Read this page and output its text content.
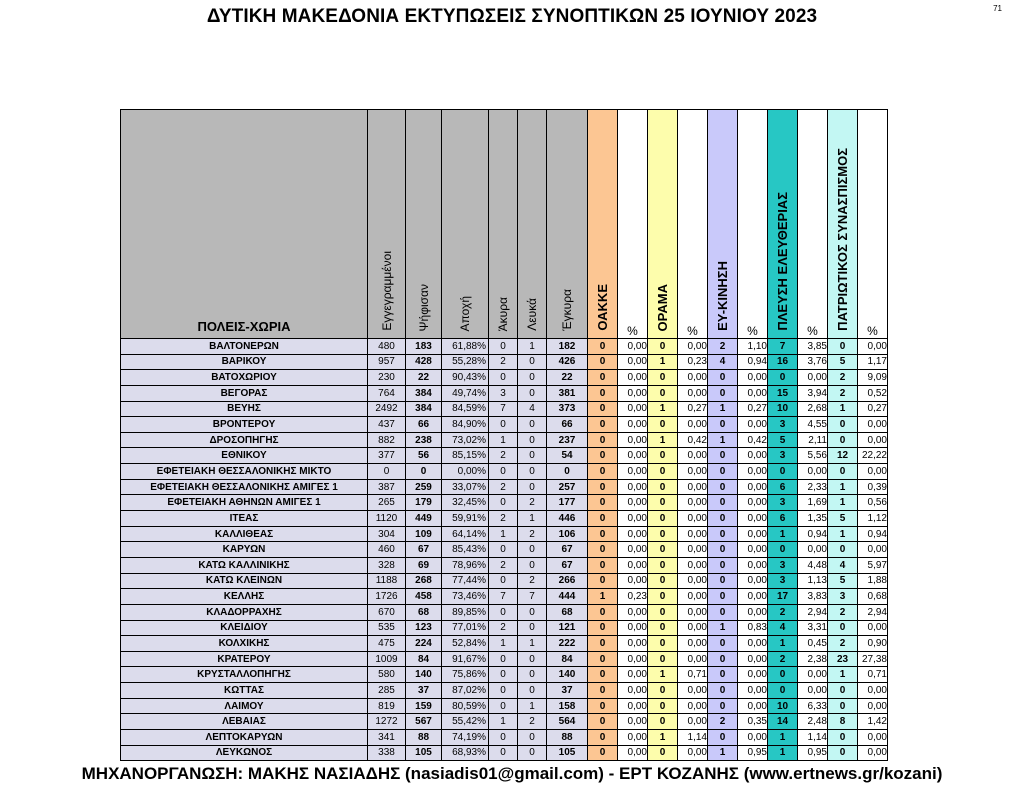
ΔΥΤΙΚΗ ΜΑΚΕΔΟΝΙΑ ΕΚΤΥΠΩΣΕΙΣ ΣΥΝΟΠΤΙΚΩΝ 25 ΙΟΥΝΙΟΥ 2023	71
ΠΟΛΕΙΣ-ΧΩΡΙΑ	Εγγεγραμμένοι	Ψήφισαν	Αποχή	Άκυρα	Λευκά	Έγκυρα	ΟΑΚΚΕ	%	ΟΡΑΜΑ	%	ΕΥ-ΚΙΝΗΣΗ	%	ΠΛΕΥΣΗ ΕΛΕΥΘΕΡΙΑΣ	%	ΠΑΤΡΙΩΤΙΚΟΣ ΣΥΝΑΣΠΙΣΜΟΣ	%
ΒΑΛΤΟΝΕΡΩΝ	480	183	61,88%	0	1	182	0	0,00	0	0,00	2	1,10	7	3,85	0	0,00
ΒΑΡΙΚΟΥ	957	428	55,28%	2	0	426	0	0,00	1	0,23	4	0,94	16	3,76	5	1,17
ΒΑΤΟΧΩΡΙΟΥ	230	22	90,43%	0	0	22	0	0,00	0	0,00	0	0,00	0	0,00	2	9,09
ΒΕΓΟΡΑΣ	764	384	49,74%	3	0	381	0	0,00	0	0,00	0	0,00	15	3,94	2	0,52
ΒΕΥΗΣ	2492	384	84,59%	7	4	373	0	0,00	1	0,27	1	0,27	10	2,68	1	0,27
ΒΡΟΝΤΕΡΟΥ	437	66	84,90%	0	0	66	0	0,00	0	0,00	0	0,00	3	4,55	0	0,00
ΔΡΟΣΟΠΗΓΗΣ	882	238	73,02%	1	0	237	0	0,00	1	0,42	1	0,42	5	2,11	0	0,00
ΕΘΝΙΚΟΥ	377	56	85,15%	2	0	54	0	0,00	0	0,00	0	0,00	3	5,56	12	22,22
ΕΦΕΤΕΙΑΚΗ ΘΕΣΣΑΛΟΝΙΚΗΣ ΜΙΚΤΟ	0	0	0,00%	0	0	0	0	0,00	0	0,00	0	0,00	0	0,00	0	0,00
ΕΦΕΤΕΙΑΚΗ ΘΕΣΣΑΛΟΝΙΚΗΣ ΑΜΙΓΕΣ 1	387	259	33,07%	2	0	257	0	0,00	0	0,00	0	0,00	6	2,33	1	0,39
ΕΦΕΤΕΙΑΚΗ ΑΘΗΝΩΝ ΑΜΙΓΕΣ 1	265	179	32,45%	0	2	177	0	0,00	0	0,00	0	0,00	3	1,69	1	0,56
ΙΤΕΑΣ	1120	449	59,91%	2	1	446	0	0,00	0	0,00	0	0,00	6	1,35	5	1,12
ΚΑΛΛΙΘΕΑΣ	304	109	64,14%	1	2	106	0	0,00	0	0,00	0	0,00	1	0,94	1	0,94
ΚΑΡΥΩΝ	460	67	85,43%	0	0	67	0	0,00	0	0,00	0	0,00	0	0,00	0	0,00
ΚΑΤΩ ΚΑΛΛΙΝΙΚΗΣ	328	69	78,96%	2	0	67	0	0,00	0	0,00	0	0,00	3	4,48	4	5,97
ΚΑΤΩ ΚΛΕΙΝΩΝ	1188	268	77,44%	0	2	266	0	0,00	0	0,00	0	0,00	3	1,13	5	1,88
ΚΕΛΛΗΣ	1726	458	73,46%	7	7	444	1	0,23	0	0,00	0	0,00	17	3,83	3	0,68
ΚΛΑΔΟΡΡΑΧΗΣ	670	68	89,85%	0	0	68	0	0,00	0	0,00	0	0,00	2	2,94	2	2,94
ΚΛΕΙΔΙΟΥ	535	123	77,01%	2	0	121	0	0,00	0	0,00	1	0,83	4	3,31	0	0,00
ΚΟΛΧΙΚΗΣ	475	224	52,84%	1	1	222	0	0,00	0	0,00	0	0,00	1	0,45	2	0,90
ΚΡΑΤΕΡΟΥ	1009	84	91,67%	0	0	84	0	0,00	0	0,00	0	0,00	2	2,38	23	27,38
ΚΡΥΣΤΑΛΛΟΠΗΓΗΣ	580	140	75,86%	0	0	140	0	0,00	1	0,71	0	0,00	0	0,00	1	0,71
ΚΩΤΤΑΣ	285	37	87,02%	0	0	37	0	0,00	0	0,00	0	0,00	0	0,00	0	0,00
ΛΑΙΜΟΥ	819	159	80,59%	0	1	158	0	0,00	0	0,00	0	0,00	10	6,33	0	0,00
ΛΕΒΑΙΑΣ	1272	567	55,42%	1	2	564	0	0,00	0	0,00	2	0,35	14	2,48	8	1,42
ΛΕΠΤΟΚΑΡΥΩΝ	341	88	74,19%	0	0	88	0	0,00	1	1,14	0	0,00	1	1,14	0	0,00
ΛΕΥΚΩΝΟΣ	338	105	68,93%	0	0	105	0	0,00	0	0,00	1	0,95	1	0,95	0	0,00
ΜΗΧΑΝΟΡΓΑΝΩΣΗ: ΜΑΚΗΣ ΝΑΣΙΑΔΗΣ (nasiadis01@gmail.com) - ΕΡΤ ΚΟΖΑΝΗΣ (www.ertnews.gr/kozani)
